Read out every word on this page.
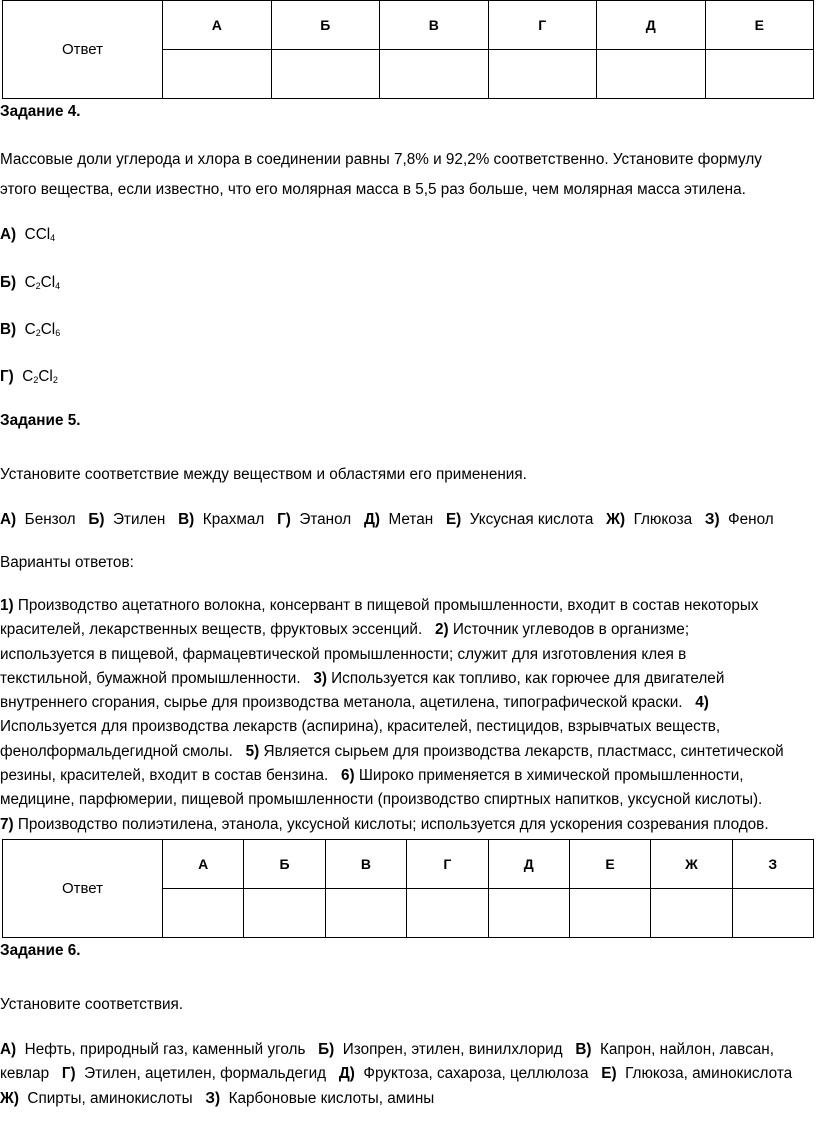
Ответ	А	Б	В	Г	Д	Е

Задание 4.
Массовые доли углерода и хлора в соединении равны 7,8% и 92,2% соответственно. Установите формулу
этого вещества, если известно, что его молярная масса в 5,5 раз больше, чем молярная масса этилена.
А) CCl$_4$
Б) $C_2Cl_4$
В) $C_2Cl_6$
Г) $C_2Cl_2$
Задание 5.
Установите соответствие между веществом и областями его применения.
А) Бензол Б) Этилен В) Крахмал Г) Этанол Д) Метан Е) Уксусная кислота Ж) Глюкоза З) Фенол
Варианты ответов:
1) Производство ацетатного волокна, консервант в пищевой промышленности, входит в состав некоторых
красителей, лекарственных веществ, фруктовых эссенций.   2) Источник углеводов в организме;
используется в пищевой, фармацевтической промышленности; служит для изготовления клея в
текстильной, бумажной промышленности.   3) Используется как топливо, как горючее для двигателей
внутреннего сгорания, сырье для производства метанола, ацетилена, типографической краски.   4)
Используется для производства лекарств (аспирина), красителей, пестицидов, взрывчатых веществ,
фенолформальдегидной смолы.   5) Является сырьем для производства лекарств, пластмасс, синтетической
резины, красителей, входит в состав бензина.   6) Широко применяется в химической промышленности,
медицине, парфюмерии, пищевой промышленности (производство спиртных напитков, уксусной кислоты).
7) Производство полиэтилена, этанола, уксусной кислоты; используется для ускорения созревания плодов.
Ответ	А	Б	В	Г	Д	Е	Ж	З

Задание 6.
Установите соответствия.
А)  Нефть, природный газ, каменный уголь   Б)  Изопрен, этилен, винилхлорид   В)  Капрон, найлон, лавсан,
кевлар   Г)  Этилен, ацетилен, формальдегид   Д)  Фруктоза, сахароза, целлюлоза   Е)  Глюкоза, аминокислота
Ж)  Спирты, аминокислоты   З)  Карбоновые кислоты, амины
